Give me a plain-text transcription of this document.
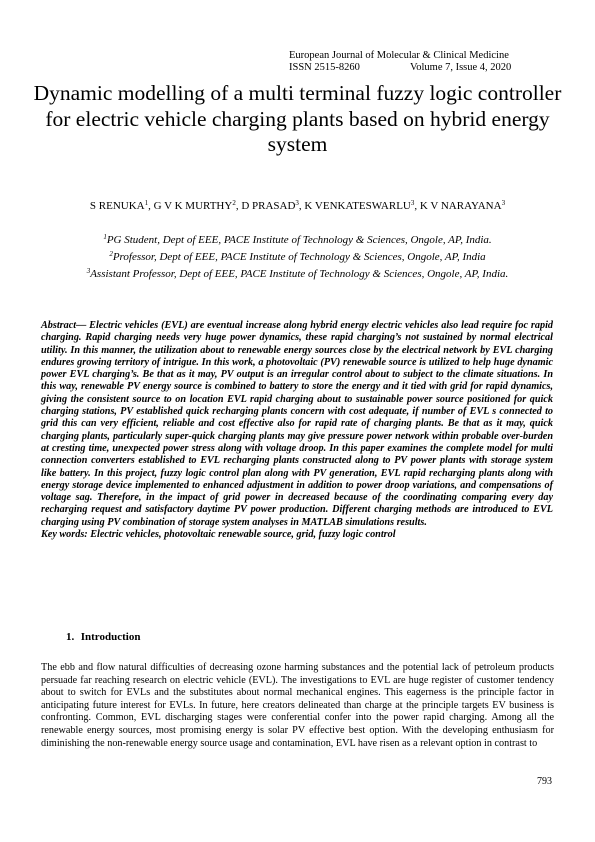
European Journal of Molecular & Clinical Medicine
ISSN 2515-8260	Volume 7, Issue 4, 2020
Dynamic modelling of a multi terminal fuzzy logic controller for electric vehicle charging plants based on hybrid energy system
S RENUKA$^1$, G V K MURTHY$^2$, D PRASAD$^3$, K VENKATESWARLU$^3$, K V NARAYANA$^3$
$^1$PG Student, Dept of EEE, PACE Institute of Technology & Sciences, Ongole, AP, India.
$^2$Professor, Dept of EEE, PACE Institute of Technology & Sciences, Ongole, AP, India
$^3$Assistant Professor, Dept of EEE, PACE Institute of Technology & Sciences, Ongole, AP, India.
Abstract— Electric vehicles (EVL) are eventual increase along hybrid energy electric vehicles also lead require foc rapid charging. Rapid charging needs very huge power dynamics, these rapid charging’s not sustained by normal electrical utility. In this manner, the utilization about to renewable energy sources close by the electrical network by EVL charging endures growing territory of intrigue. In this work, a photovoltaic (PV) renewable source is utilized to help huge dynamic power EVL charging’s. Be that as it may, PV output is an irregular control about to subject to the climate situations. In this way, renewable PV energy source is combined to battery to store the energy and it tied with grid for rapid dynamics, giving the consistent source to on location EVL rapid charging about to sustainable power source positioned for quick charging stations, PV established quick recharging plants concern with cost adequate, if number of EVL s connected to grid this can very efficient, reliable and cost effective also for rapid rate of charging plants. Be that as it may, quick charging plants, particularly super-quick charging plants may give pressure power network within probable over-burden at cresting time, unexpected power stress along with voltage droop. In this paper examines the complete model for multi connection converters established to EVL recharging plants constructed along to PV power plants with storage system like battery. In this project, fuzzy logic control plan along with PV generation, EVL rapid recharging plants along with energy storage device implemented to enhanced adjustment in addition to power droop variations, and compensations of voltage sag. Therefore, in the impact of grid power in decreased because of the coordinating comparing every day recharging request and satisfactory daytime PV power production. Different charging methods are introduced to EVL charging using PV combination of storage system analyses in MATLAB simulations results.
Key words: Electric vehicles, photovoltaic renewable source, grid, fuzzy logic control
1. Introduction
The ebb and flow natural difficulties of decreasing ozone harming substances and the potential lack of petroleum products persuade far reaching research on electric vehicle (EVL). The investigations to EVL are huge register of customer tendency about to switch for EVLs and the substitutes about normal mechanical engines. This eagerness is the principle factor in anticipating future interest for EVLs. In future, here creators delineated than charge at the principle targets EV business is confronting. Common, EVL discharging stages were conferential confer into the power rapid charging. Among all the renewable energy sources, most promising energy is solar PV effective best option. With the developing enthusiasm for diminishing the non-renewable energy source usage and contamination, EVL have risen as a relevant option in contrast to
793
